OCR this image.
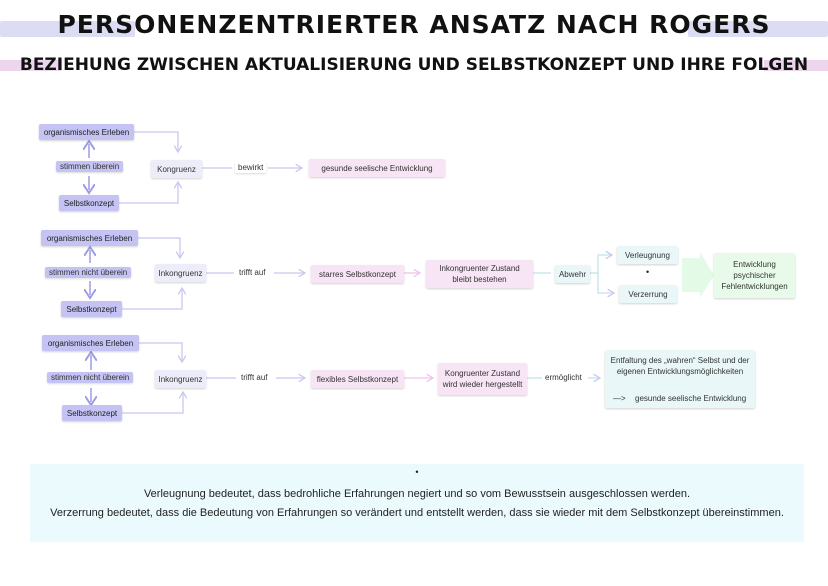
PERSONENZENTRIERTER ANSATZ NACH ROGERS
BEZIEHUNG ZWISCHEN AKTUALISIERUNG UND SELBSTKONZEPT UND IHRE FOLGEN
organismisches Erleben
stimmen überein
Selbstkonzept
Kongruenz	bewirkt	gesunde seelische Entwicklung
organismisches Erleben
stimmen nicht überein
Selbstkonzept
Inkongruenz	trifft auf	starres Selbstkonzept
Inkongruenter Zustand bleibt bestehen
Abwehr
Verleugnung
•
Verzerrung
Entwicklung psychischer Fehlentwicklungen
organismisches Erleben
stimmen nicht überein
Selbstkonzept
Inkongruenz	trifft auf	flexibles Selbstkonzept
Kongruenter Zustand wird wieder hergestellt
ermöglicht
Entfaltung des „wahren“ Selbst und der eigenen Entwicklungsmöglichkeiten
—> gesunde seelische Entwicklung
•
Verleugnung bedeutet, dass bedrohliche Erfahrungen negiert und so vom Bewusstsein ausgeschlossen werden.
Verzerrung bedeutet, dass die Bedeutung von Erfahrungen so verändert und entstellt werden, dass sie wieder mit dem Selbstkonzept übereinstimmen.
